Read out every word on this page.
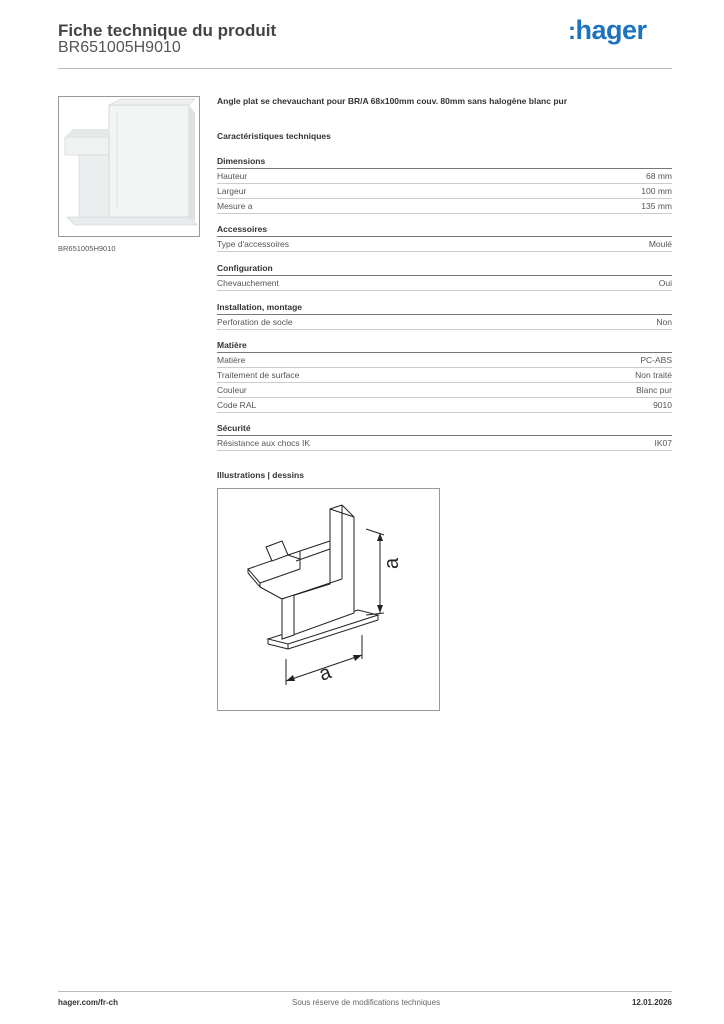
Fiche technique du produit
BR651005H9010
:hager
BR651005H9010
Angle plat se chevauchant pour BR/A 68x100mm couv. 80mm sans halogène blanc pur
Caractéristiques techniques
Dimensions
Hauteur	68 mm
Largeur	100 mm
Mesure a	135 mm
Accessoires
Type d'accessoires	Moulé
Configuration
Chevauchement	Oui
Installation, montage
Perforation de socle	Non
Matière
Matière	PC-ABS
Traitement de surface	Non traité
Couleur	Blanc pur
Code RAL	9010
Sécurité
Résistance aux chocs IK	IK07
Illustrations | dessins
a
a
hager.com/fr-ch	Sous réserve de modifications techniques	12.01.2026
